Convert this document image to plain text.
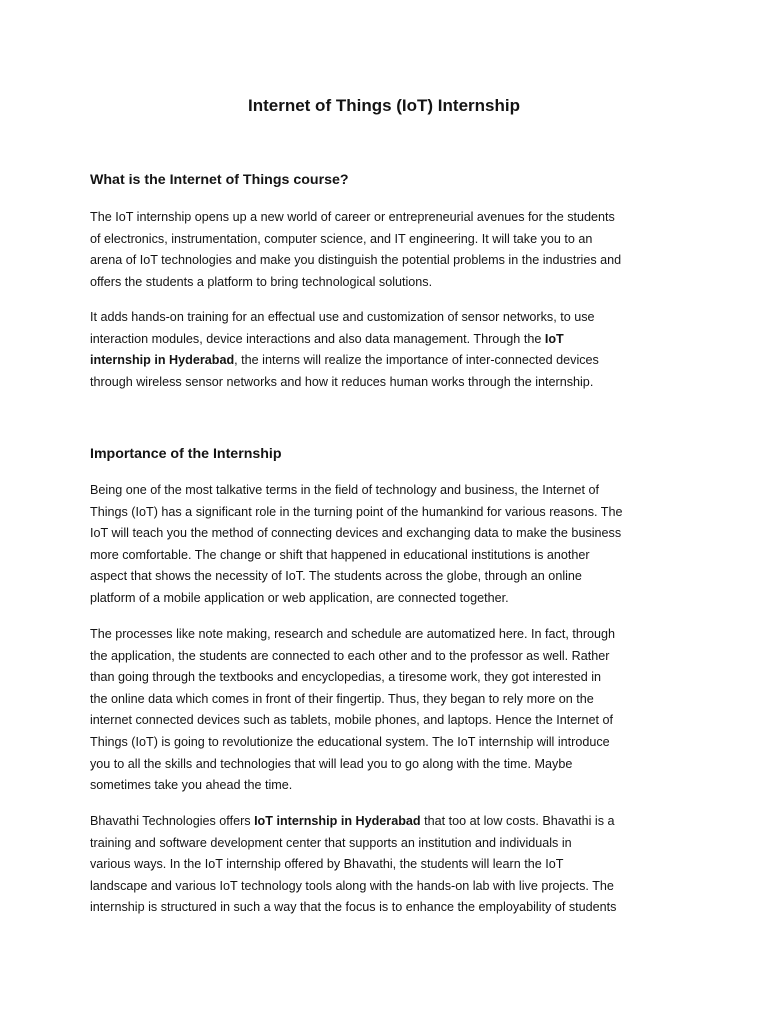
Internet of Things (IoT) Internship
What is the Internet of Things course?

The IoT internship opens up a new world of career or entrepreneurial avenues for the students
of electronics, instrumentation, computer science, and IT engineering. It will take you to an
arena of IoT technologies and make you distinguish the potential problems in the industries and
offers the students a platform to bring technological solutions.

It adds hands-on training for an effectual use and customization of sensor networks, to use
interaction modules, device interactions and also data management. Through the IoT
internship in Hyderabad, the interns will realize the importance of inter-connected devices
through wireless sensor networks and how it reduces human works through the internship.

Importance of the Internship

Being one of the most talkative terms in the field of technology and business, the Internet of
Things (IoT) has a significant role in the turning point of the humankind for various reasons. The
IoT will teach you the method of connecting devices and exchanging data to make the business
more comfortable. The change or shift that happened in educational institutions is another
aspect that shows the necessity of IoT. The students across the globe, through an online
platform of a mobile application or web application, are connected together.

The processes like note making, research and schedule are automatized here. In fact, through
the application, the students are connected to each other and to the professor as well. Rather
than going through the textbooks and encyclopedias, a tiresome work, they got interested in
the online data which comes in front of their fingertip. Thus, they began to rely more on the
internet connected devices such as tablets, mobile phones, and laptops. Hence the Internet of
Things (IoT) is going to revolutionize the educational system. The IoT internship will introduce
you to all the skills and technologies that will lead you to go along with the time. Maybe
sometimes take you ahead the time.

Bhavathi Technologies offers IoT internship in Hyderabad that too at low costs. Bhavathi is a
training and software development center that supports an institution and individuals in
various ways. In the IoT internship offered by Bhavathi, the students will learn the IoT
landscape and various IoT technology tools along with the hands-on lab with live projects. The
internship is structured in such a way that the focus is to enhance the employability of students
